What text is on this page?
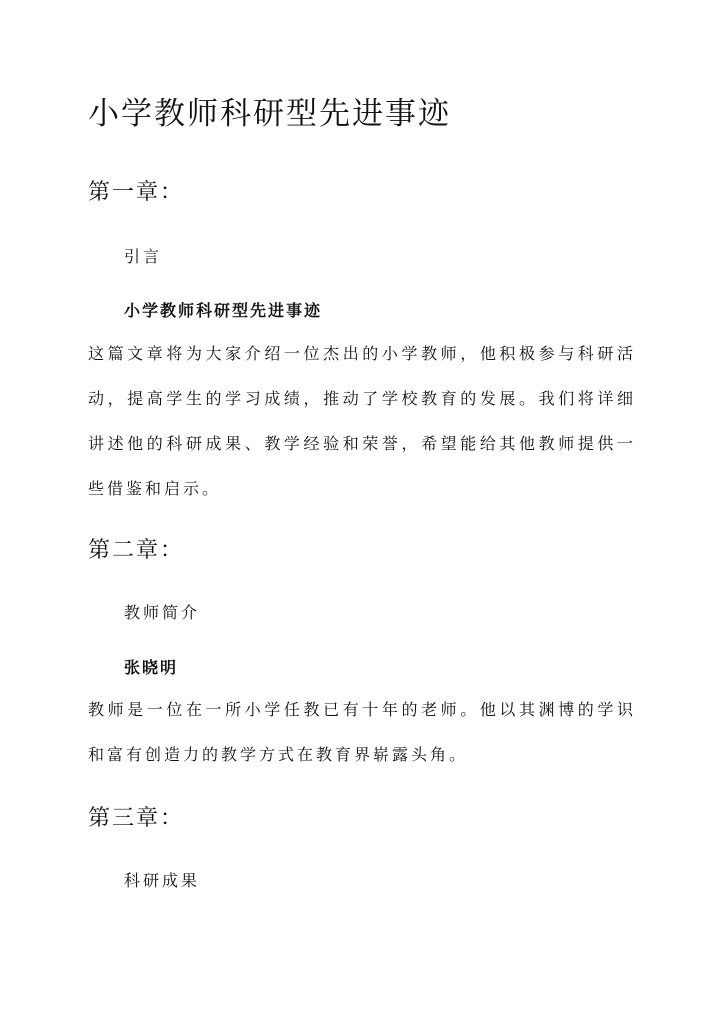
小学教师科研型先进事迹
第一章：
引言
小学教师科研型先进事迹

这篇文章将为大家介绍一位杰出的小学教师，他积极参与科研活动，提高学生的学习成绩，推动了学校教育的发展。我们将详细讲述他的科研成果、教学经验和荣誉，希望能给其他教师提供一些借鉴和启示。

第二章：
教师简介
张晓明

教师是一位在一所小学任教已有十年的老师。他以其渊博的学识和富有创造力的教学方式在教育界崭露头角。

第三章：
科研成果
